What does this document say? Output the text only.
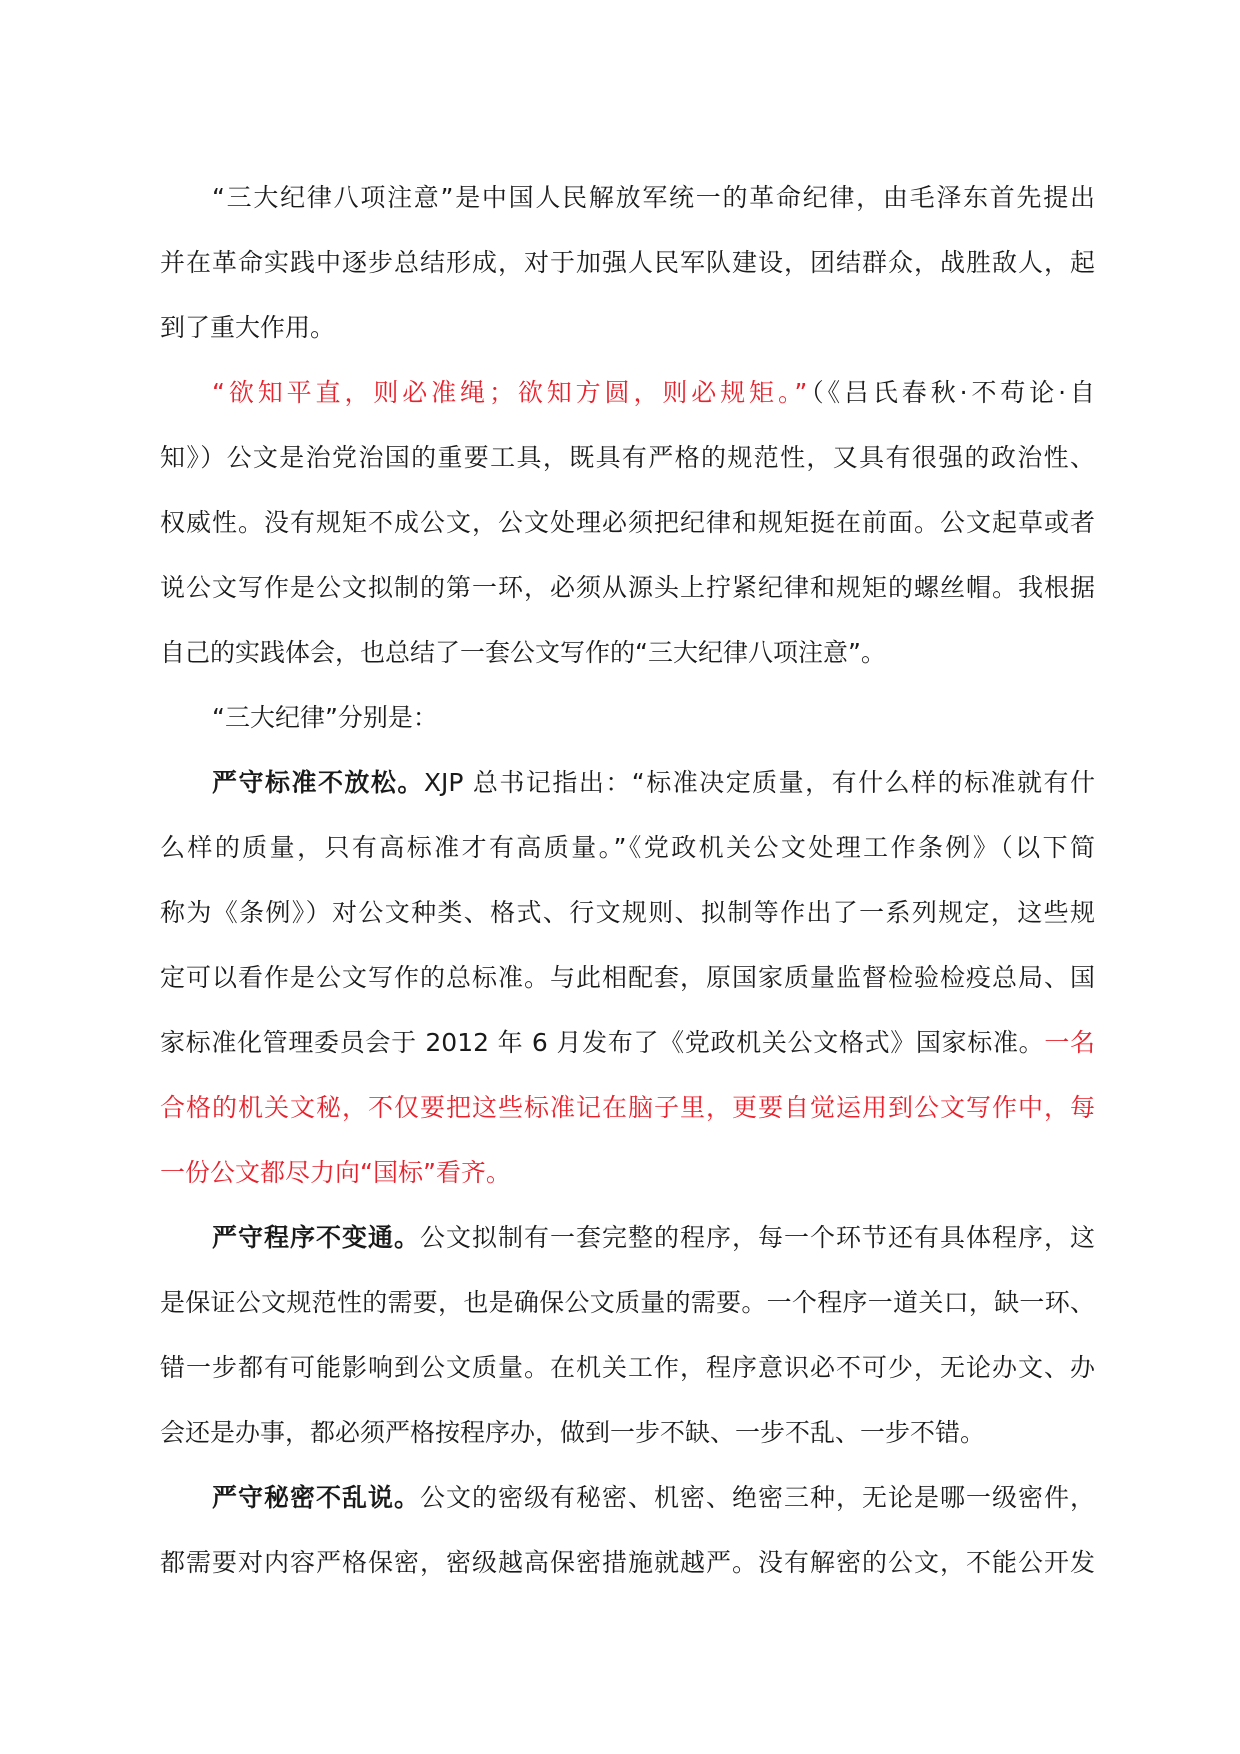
“三大纪律八项注意”是中国人民解放军统一的革命纪律，由毛泽东首先提出
并在革命实践中逐步总结形成，对于加强人民军队建设，团结群众，战胜敌人，起
到了重大作用。
“欲知平直，则必准绳；欲知方圆，则必规矩。”（《吕氏春秋·不苟论·自
知》）公文是治党治国的重要工具，既具有严格的规范性，又具有很强的政治性、
权威性。没有规矩不成公文，公文处理必须把纪律和规矩挺在前面。公文起草或者
说公文写作是公文拟制的第一环，必须从源头上拧紧纪律和规矩的螺丝帽。我根据
自己的实践体会，也总结了一套公文写作的“三大纪律八项注意”。
“三大纪律”分别是：
严守标准不放松。XJP 总书记指出：“标准决定质量，有什么样的标准就有什
么样的质量，只有高标准才有高质量。”《党政机关公文处理工作条例》（以下简
称为《条例》）对公文种类、格式、行文规则、拟制等作出了一系列规定，这些规
定可以看作是公文写作的总标准。与此相配套，原国家质量监督检验检疫总局、国
家标准化管理委员会于 2012 年 6 月发布了《党政机关公文格式》国家标准。一名
合格的机关文秘，不仅要把这些标准记在脑子里，更要自觉运用到公文写作中，每
一份公文都尽力向“国标”看齐。
严守程序不变通。公文拟制有一套完整的程序，每一个环节还有具体程序，这
是保证公文规范性的需要，也是确保公文质量的需要。一个程序一道关口，缺一环、
错一步都有可能影响到公文质量。在机关工作，程序意识必不可少，无论办文、办
会还是办事，都必须严格按程序办，做到一步不缺、一步不乱、一步不错。
严守秘密不乱说。公文的密级有秘密、机密、绝密三种，无论是哪一级密件，
都需要对内容严格保密，密级越高保密措施就越严。没有解密的公文，不能公开发
